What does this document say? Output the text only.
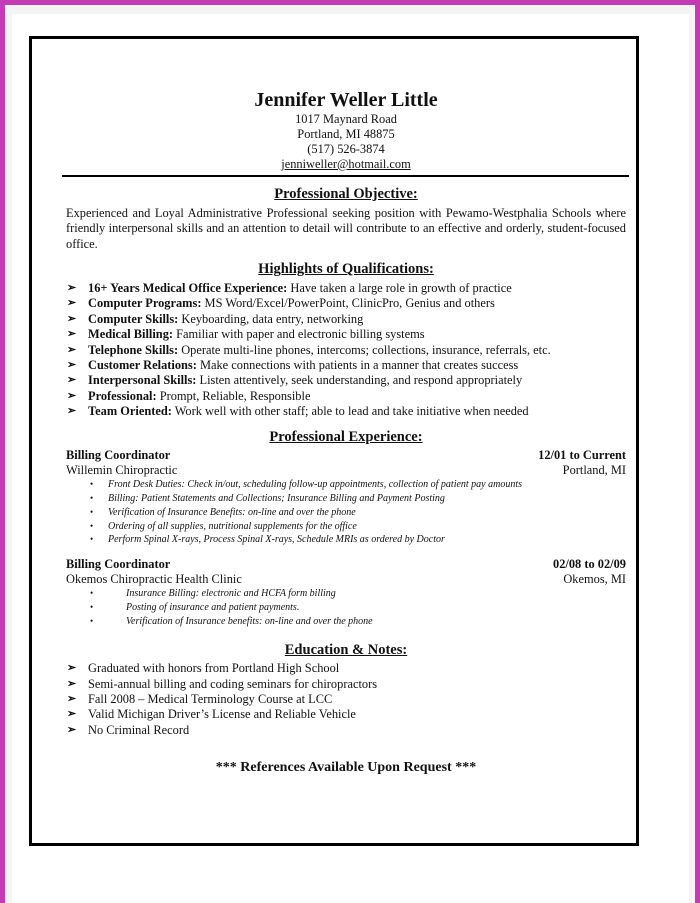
Jennifer Weller Little
1017 Maynard Road
Portland, MI 48875
(517) 526-3874
jenniweller@hotmail.com
Professional Objective:
Experienced and Loyal Administrative Professional seeking position with Pewamo-Westphalia Schools where friendly interpersonal skills and an attention to detail will contribute to an effective and orderly, student-focused office.
Highlights of Qualifications:
➢ 16+ Years Medical Office Experience: Have taken a large role in growth of practice
➢ Computer Programs: MS Word/Excel/PowerPoint, ClinicPro, Genius and others
➢ Computer Skills: Keyboarding, data entry, networking
➢ Medical Billing: Familiar with paper and electronic billing systems
➢ Telephone Skills: Operate multi-line phones, intercoms; collections, insurance, referrals, etc.
➢ Customer Relations: Make connections with patients in a manner that creates success
➢ Interpersonal Skills: Listen attentively, seek understanding, and respond appropriately
➢ Professional: Prompt, Reliable, Responsible
➢ Team Oriented: Work well with other staff; able to lead and take initiative when needed
Professional Experience:
Billing Coordinator	12/01 to Current
Willemin Chiropractic	Portland, MI
• Front Desk Duties: Check in/out, scheduling follow-up appointments, collection of patient pay amounts
• Billing: Patient Statements and Collections; Insurance Billing and Payment Posting
• Verification of Insurance Benefits: on-line and over the phone
• Ordering of all supplies, nutritional supplements for the office
• Perform Spinal X-rays, Process Spinal X-rays, Schedule MRIs as ordered by Doctor
Billing Coordinator	02/08 to 02/09
Okemos Chiropractic Health Clinic	Okemos, MI
•	Insurance Billing: electronic and HCFA form billing
•	Posting of insurance and patient payments.
•	Verification of Insurance benefits: on-line and over the phone
Education & Notes:
➢ Graduated with honors from Portland High School
➢ Semi-annual billing and coding seminars for chiropractors
➢ Fall 2008 – Medical Terminology Course at LCC
➢ Valid Michigan Driver’s License and Reliable Vehicle
➢ No Criminal Record
*** References Available Upon Request ***
